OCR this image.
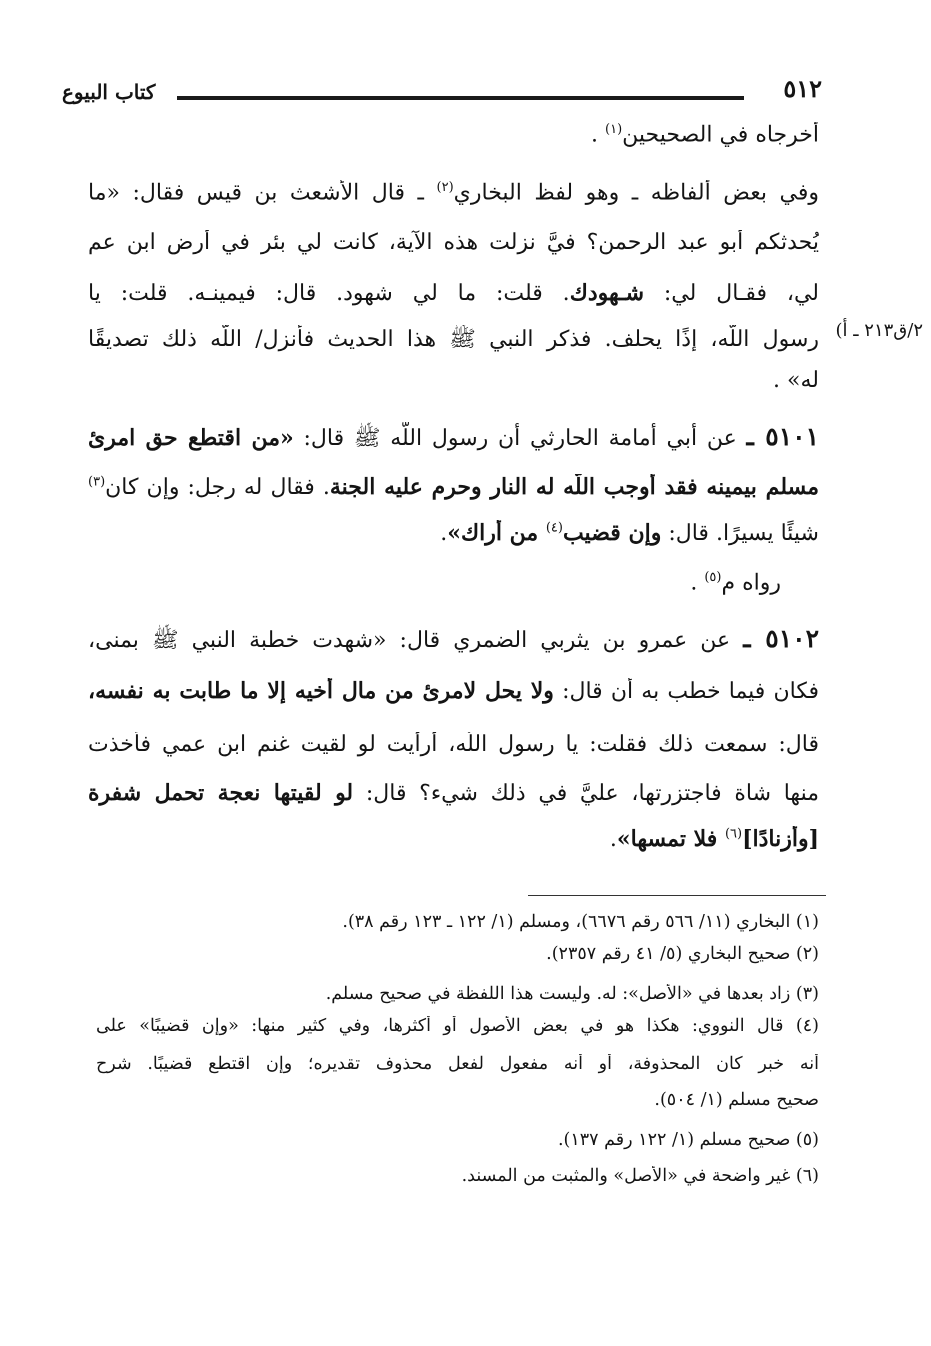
كتاب البيوع	٥١٢
٢/ق٢١٣ ـ أ)
أخرجاه في الصحيحين$^{(١)}$ .
وفي بعض ألفاظه ـ وهو لفظ البخاري$^{(٢)}$ ـ قال الأشعث بن قيس فقال: «ما
يُحدثكم أبو عبد الرحمن؟ فيَّ نزلت هذه الآية، كانت لي بئر في أرض ابن عم
لي، فقـال لي: شـهودك. قلت: ما لي شهود. قال: فيمينـه. قلت: يا
رسول اللّه، إذًا يحلف. فذكر النبي ﷺ هذا الحديث فأنزل/ اللّه ذلك تصديقًا
له» .
٥١٠١ ـ عن أبي أمامة الحارثي أن رسول اللّه ﷺ قال: «من اقتطع حق امرئ
مسلم بيمينه فقد أوجب اللّه له النار وحرم عليه الجنة. فقال له رجل: وإن كان$^{(٣)}$
شيئًا يسيرًا. قال: وإن قضيب$^{(٤)}$ من أراك».
رواه م$^{(٥)}$ .
٥١٠٢ ـ عن عمرو بن يثربي الضمري قال: «شهدت خطبة النبي ﷺ بمنى،
فكان فيما خطب به أن قال: ولا يحل لامرئ من مال أخيه إلا ما طابت به نفسه،
قال: سمعت ذلك فقلت: يا رسول اللّه، أرأيت لو لقيت غنم ابن عمي فأخذت
منها شاة فاجتزرتها، عليَّ في ذلك شيء؟ قال: لو لقيتها نعجة تحمل شفرة
[وأزنادًا]$^{(٦)}$ فلا تمسها».
(١) البخاري (١١/ ٥٦٦ رقم ٦٦٧٦)، ومسلم (١/ ١٢٢ ـ ١٢٣ رقم ٣٨).
(٢) صحيح البخاري (٥/ ٤١ رقم ٢٣٥٧).
(٣) زاد بعدها في «الأصل»: له. وليست هذا اللفظة في صحيح مسلم.
(٤) قال النووي: هكذا هو في بعض الأصول أو أكثرها، وفي كثير منها: «وإن قضيبًا» على
أنه خبر كان المحذوفة، أو أنه مفعول لفعل محذوف تقديره؛ وإن اقتطع قضيبًا. شرح
صحيح مسلم (١/ ٥٠٤).
(٥) صحيح مسلم (١/ ١٢٢ رقم ١٣٧).
(٦) غير واضحة في «الأصل» والمثبت من المسند.
